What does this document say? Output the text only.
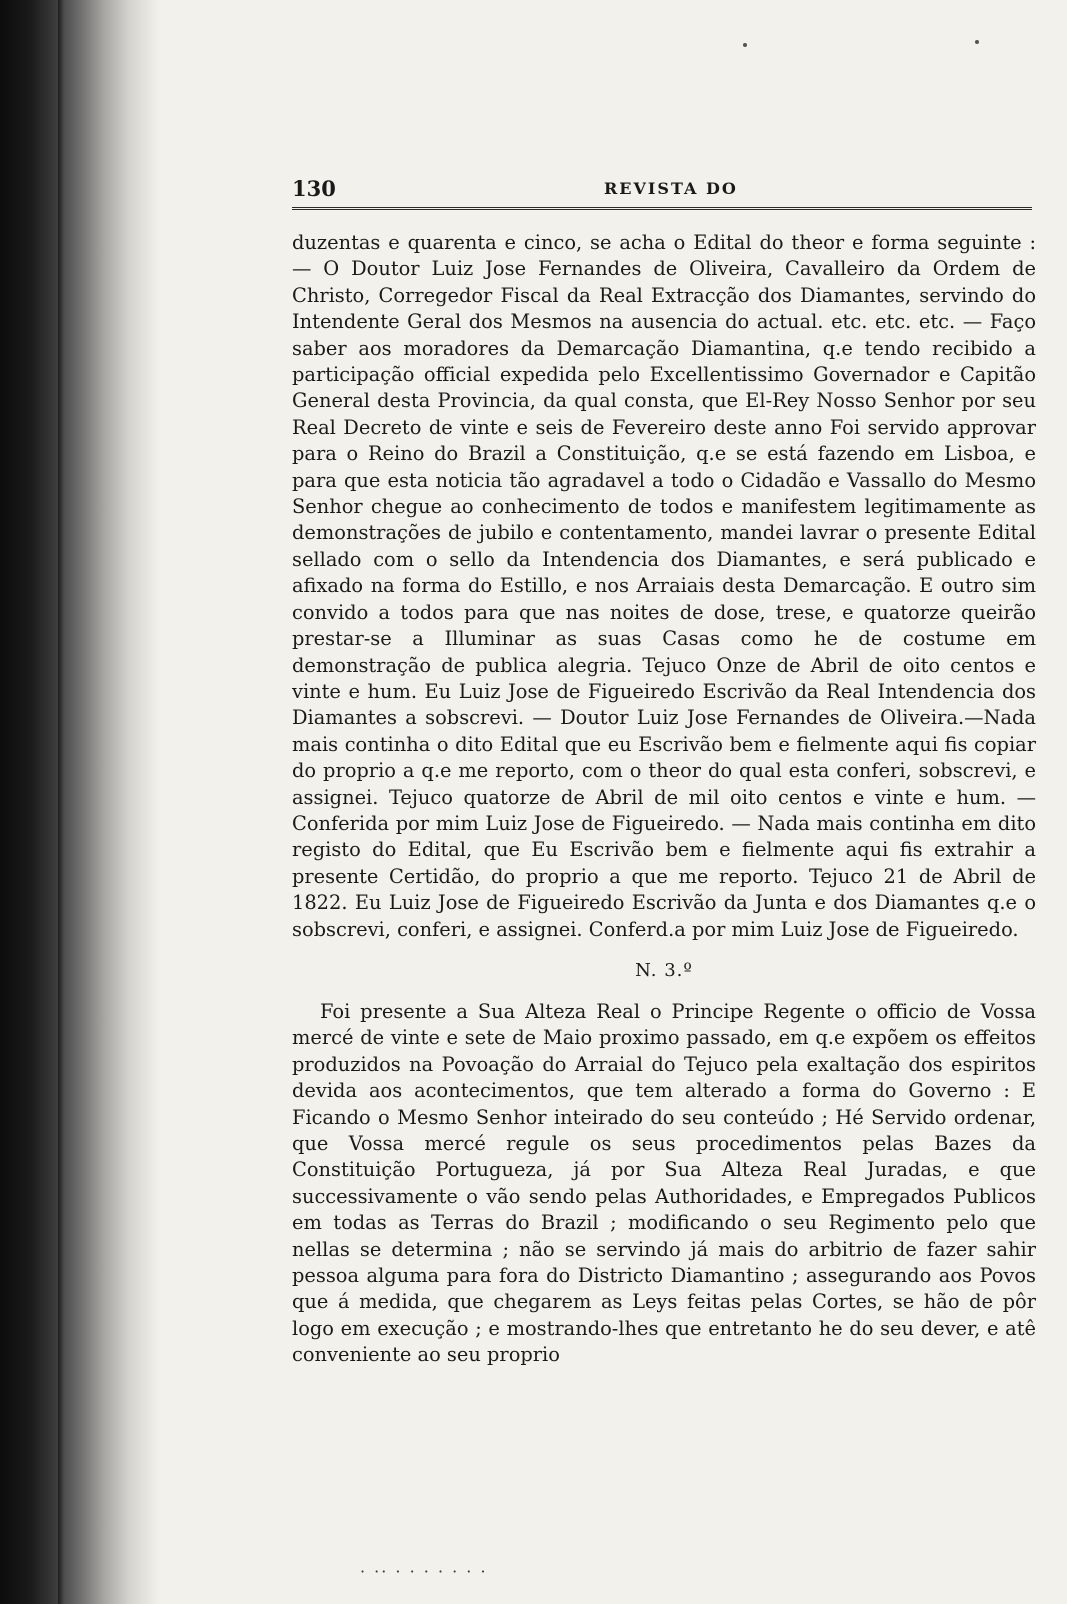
130	REVISTA DO

duzentas e quarenta e cinco, se acha o Edital do theor e forma seguinte : — O Doutor Luiz Jose Fernandes de Oliveira, Cavalleiro da Ordem de Christo, Corregedor Fiscal da Real Extracção dos Diamantes, servindo do Intendente Geral dos Mesmos na ausencia do actual. etc. etc. etc. — Faço saber aos moradores da Demarcação Diamantina, q.e tendo recibido a participação official expedida pelo Excellentissimo Governador e Capitão General desta Provincia, da qual consta, que El-Rey Nosso Senhor por seu Real Decreto de vinte e seis de Fevereiro deste anno Foi servido approvar para o Reino do Brazil a Constituição, q.e se está fazendo em Lisboa, e para que esta noticia tão agradavel a todo o Cidadão e Vassallo do Mesmo Senhor chegue ao conhecimento de todos e manifestem legitimamente as demonstrações de jubilo e contentamento, mandei lavrar o presente Edital sellado com o sello da Intendencia dos Diamantes, e será publicado e afixado na forma do Estillo, e nos Arraiais desta Demarcação. E outro sim convido a todos para que nas noites de dose, trese, e quatorze queirão prestar-se a Illuminar as suas Casas como he de costume em demonstração de publica alegria. Tejuco Onze de Abril de oito centos e vinte e hum. Eu Luiz Jose de Figueiredo Escrivão da Real Intendencia dos Diamantes a sobscrevi. — Doutor Luiz Jose Fernandes de Oliveira.—Nada mais continha o dito Edital que eu Escrivão bem e fielmente aqui fis copiar do proprio a q.e me reporto, com o theor do qual esta conferi, sobscrevi, e assignei. Tejuco quatorze de Abril de mil oito centos e vinte e hum. — Conferida por mim Luiz Jose de Figueiredo. — Nada mais continha em dito registo do Edital, que Eu Escrivão bem e fielmente aqui fis extrahir a presente Certidão, do proprio a que me reporto. Tejuco 21 de Abril de 1822. Eu Luiz Jose de Figueiredo Escrivão da Junta e dos Diamantes q.e o sobscrevi, conferi, e assignei. Conferd.a por mim Luiz Jose de Figueiredo.

N. 3.º

Foi presente a Sua Alteza Real o Principe Regente o officio de Vossa mercé de vinte e sete de Maio proximo passado, em q.e expõem os effeitos produzidos na Povoação do Arraial do Tejuco pela exaltação dos espiritos devida aos acontecimentos, que tem alterado a forma do Governo : E Ficando o Mesmo Senhor inteirado do seu conteúdo ; Hé Servido ordenar, que Vossa mercé regule os seus procedimentos pelas Bazes da Constituição Portugueza, já por Sua Alteza Real Juradas, e que successivamente o vão sendo pelas Authoridades, e Empregados Publicos em todas as Terras do Brazil ; modificando o seu Regimento pelo que nellas se determina ; não se servindo já mais do arbitrio de fazer sahir pessoa alguma para fora do Districto Diamantino ; assegurando aos Povos que á medida, que chegarem as Leys feitas pelas Cortes, se hão de pôr logo em execução ; e mostrando-lhes que entretanto he do seu dever, e atê conveniente ao seu proprio

· ·· · · · · · · ·
